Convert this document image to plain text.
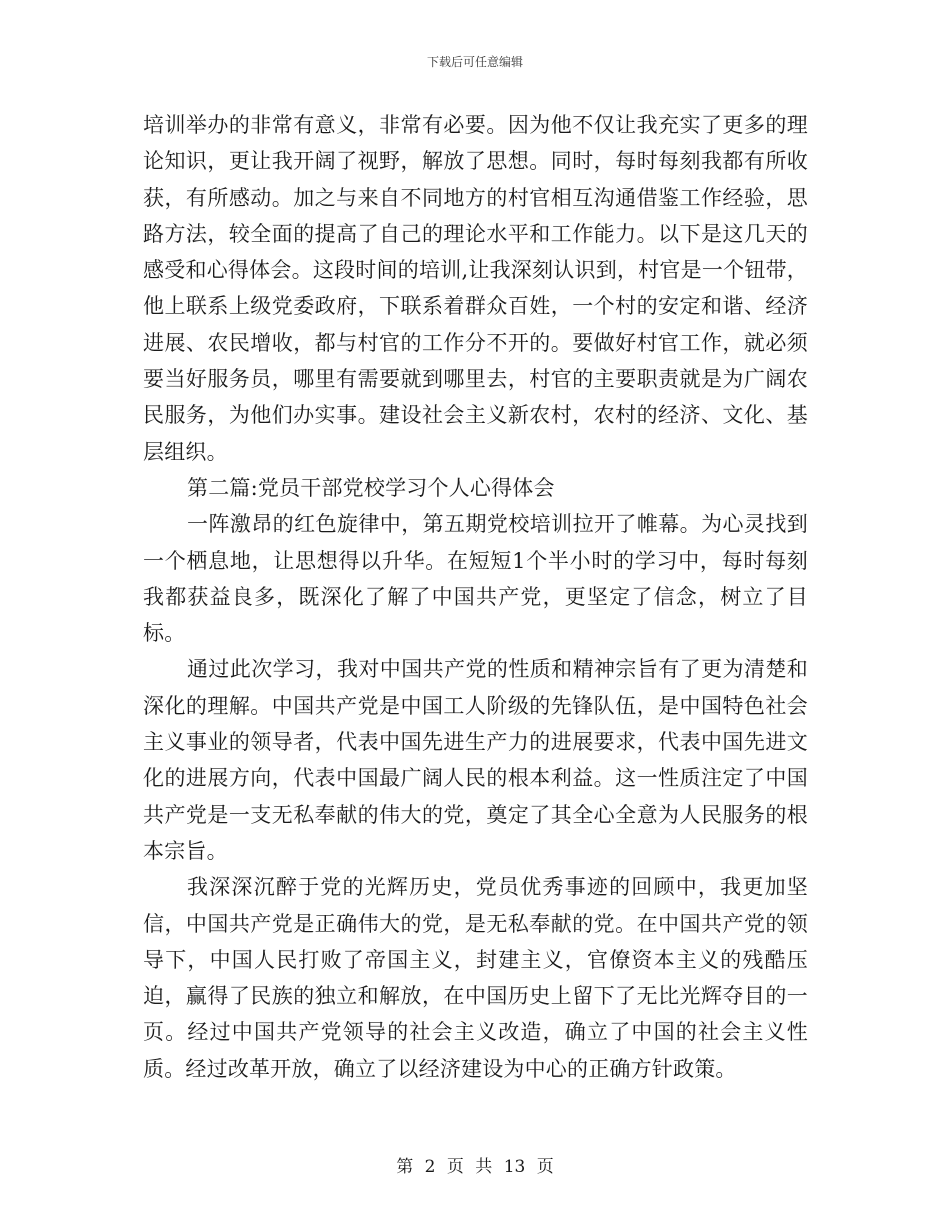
下载后可任意编辑

培训举办的非常有意义，非常有必要。因为他不仅让我充实了更多的理论知识，更让我开阔了视野，解放了思想。同时，每时每刻我都有所收获，有所感动。加之与来自不同地方的村官相互沟通借鉴工作经验，思路方法，较全面的提高了自己的理论水平和工作能力。以下是这几天的感受和心得体会。这段时间的培训,让我深刻认识到，村官是一个钮带，他上联系上级党委政府，下联系着群众百姓，一个村的安定和谐、经济进展、农民增收，都与村官的工作分不开的。要做好村官工作，就必须要当好服务员，哪里有需要就到哪里去，村官的主要职责就是为广阔农民服务，为他们办实事。建设社会主义新农村，农村的经济、文化、基层组织。

第二篇:党员干部党校学习个人心得体会

一阵激昂的红色旋律中，第五期党校培训拉开了帷幕。为心灵找到一个栖息地，让思想得以升华。在短短1个半小时的学习中，每时每刻我都获益良多，既深化了解了中国共产党，更坚定了信念，树立了目标。

通过此次学习，我对中国共产党的性质和精神宗旨有了更为清楚和深化的理解。中国共产党是中国工人阶级的先锋队伍，是中国特色社会主义事业的领导者，代表中国先进生产力的进展要求，代表中国先进文化的进展方向，代表中国最广阔人民的根本利益。这一性质注定了中国共产党是一支无私奉献的伟大的党，奠定了其全心全意为人民服务的根本宗旨。

我深深沉醉于党的光辉历史，党员优秀事迹的回顾中，我更加坚信，中国共产党是正确伟大的党，是无私奉献的党。在中国共产党的领导下，中国人民打败了帝国主义，封建主义，官僚资本主义的残酷压迫，赢得了民族的独立和解放，在中国历史上留下了无比光辉夺目的一页。经过中国共产党领导的社会主义改造，确立了中国的社会主义性质。经过改革开放，确立了以经济建设为中心的正确方针政策。

第 2 页 共 13 页
